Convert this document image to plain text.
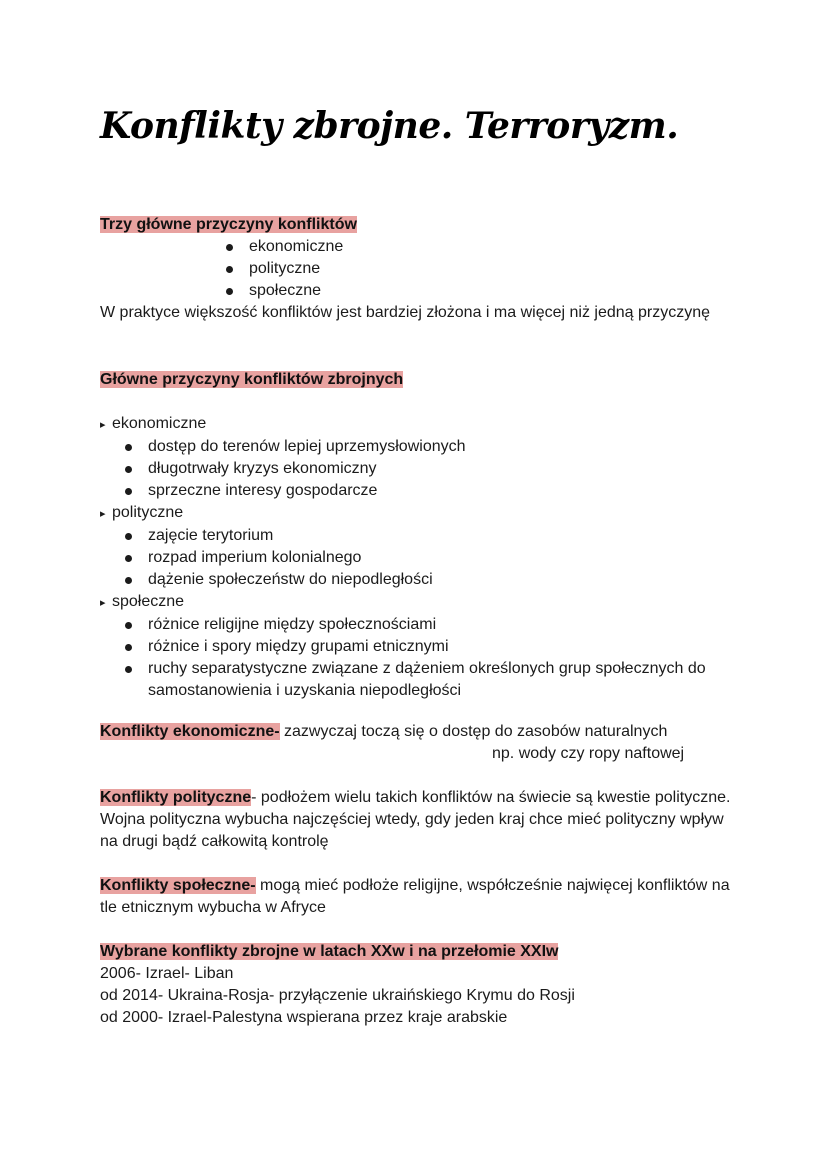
Konflikty zbrojne. Terroryzm.

Trzy główne przyczyny konfliktów

ekonomiczne
polityczne
społeczne

W praktyce większość konfliktów jest bardziej złożona i ma więcej niż jedną przyczynę

Główne przyczyny konfliktów zbrojnych

▸ ekonomiczne

dostęp do terenów lepiej uprzemysłowionych
długotrwały kryzys ekonomiczny
sprzeczne interesy gospodarcze

▸ polityczne

zajęcie terytorium
rozpad imperium kolonialnego
dążenie społeczeństw do niepodległości

▸ społeczne

różnice religijne między społecznościami
różnice i spory między grupami etnicznymi
ruchy separatystyczne związane z dążeniem określonych grup społecznych do samostanowienia i uzyskania niepodległości

Konflikty ekonomiczne- zazwyczaj toczą się o dostęp do zasobów naturalnych

np. wody czy ropy naftowej

Konflikty polityczne- podłożem wielu takich konfliktów na świecie są kwestie polityczne. Wojna polityczna wybucha najczęściej wtedy, gdy jeden kraj chce mieć polityczny wpływ na drugi bądź całkowitą kontrolę

Konflikty społeczne- mogą mieć podłoże religijne, współcześnie najwięcej konfliktów na tle etnicznym wybucha w Afryce

Wybrane konflikty zbrojne w latach XXw i na przełomie XXIw

2006- Izrael- Liban

od 2014- Ukraina-Rosja- przyłączenie ukraińskiego Krymu do Rosji

od 2000- Izrael-Palestyna wspierana przez kraje arabskie
